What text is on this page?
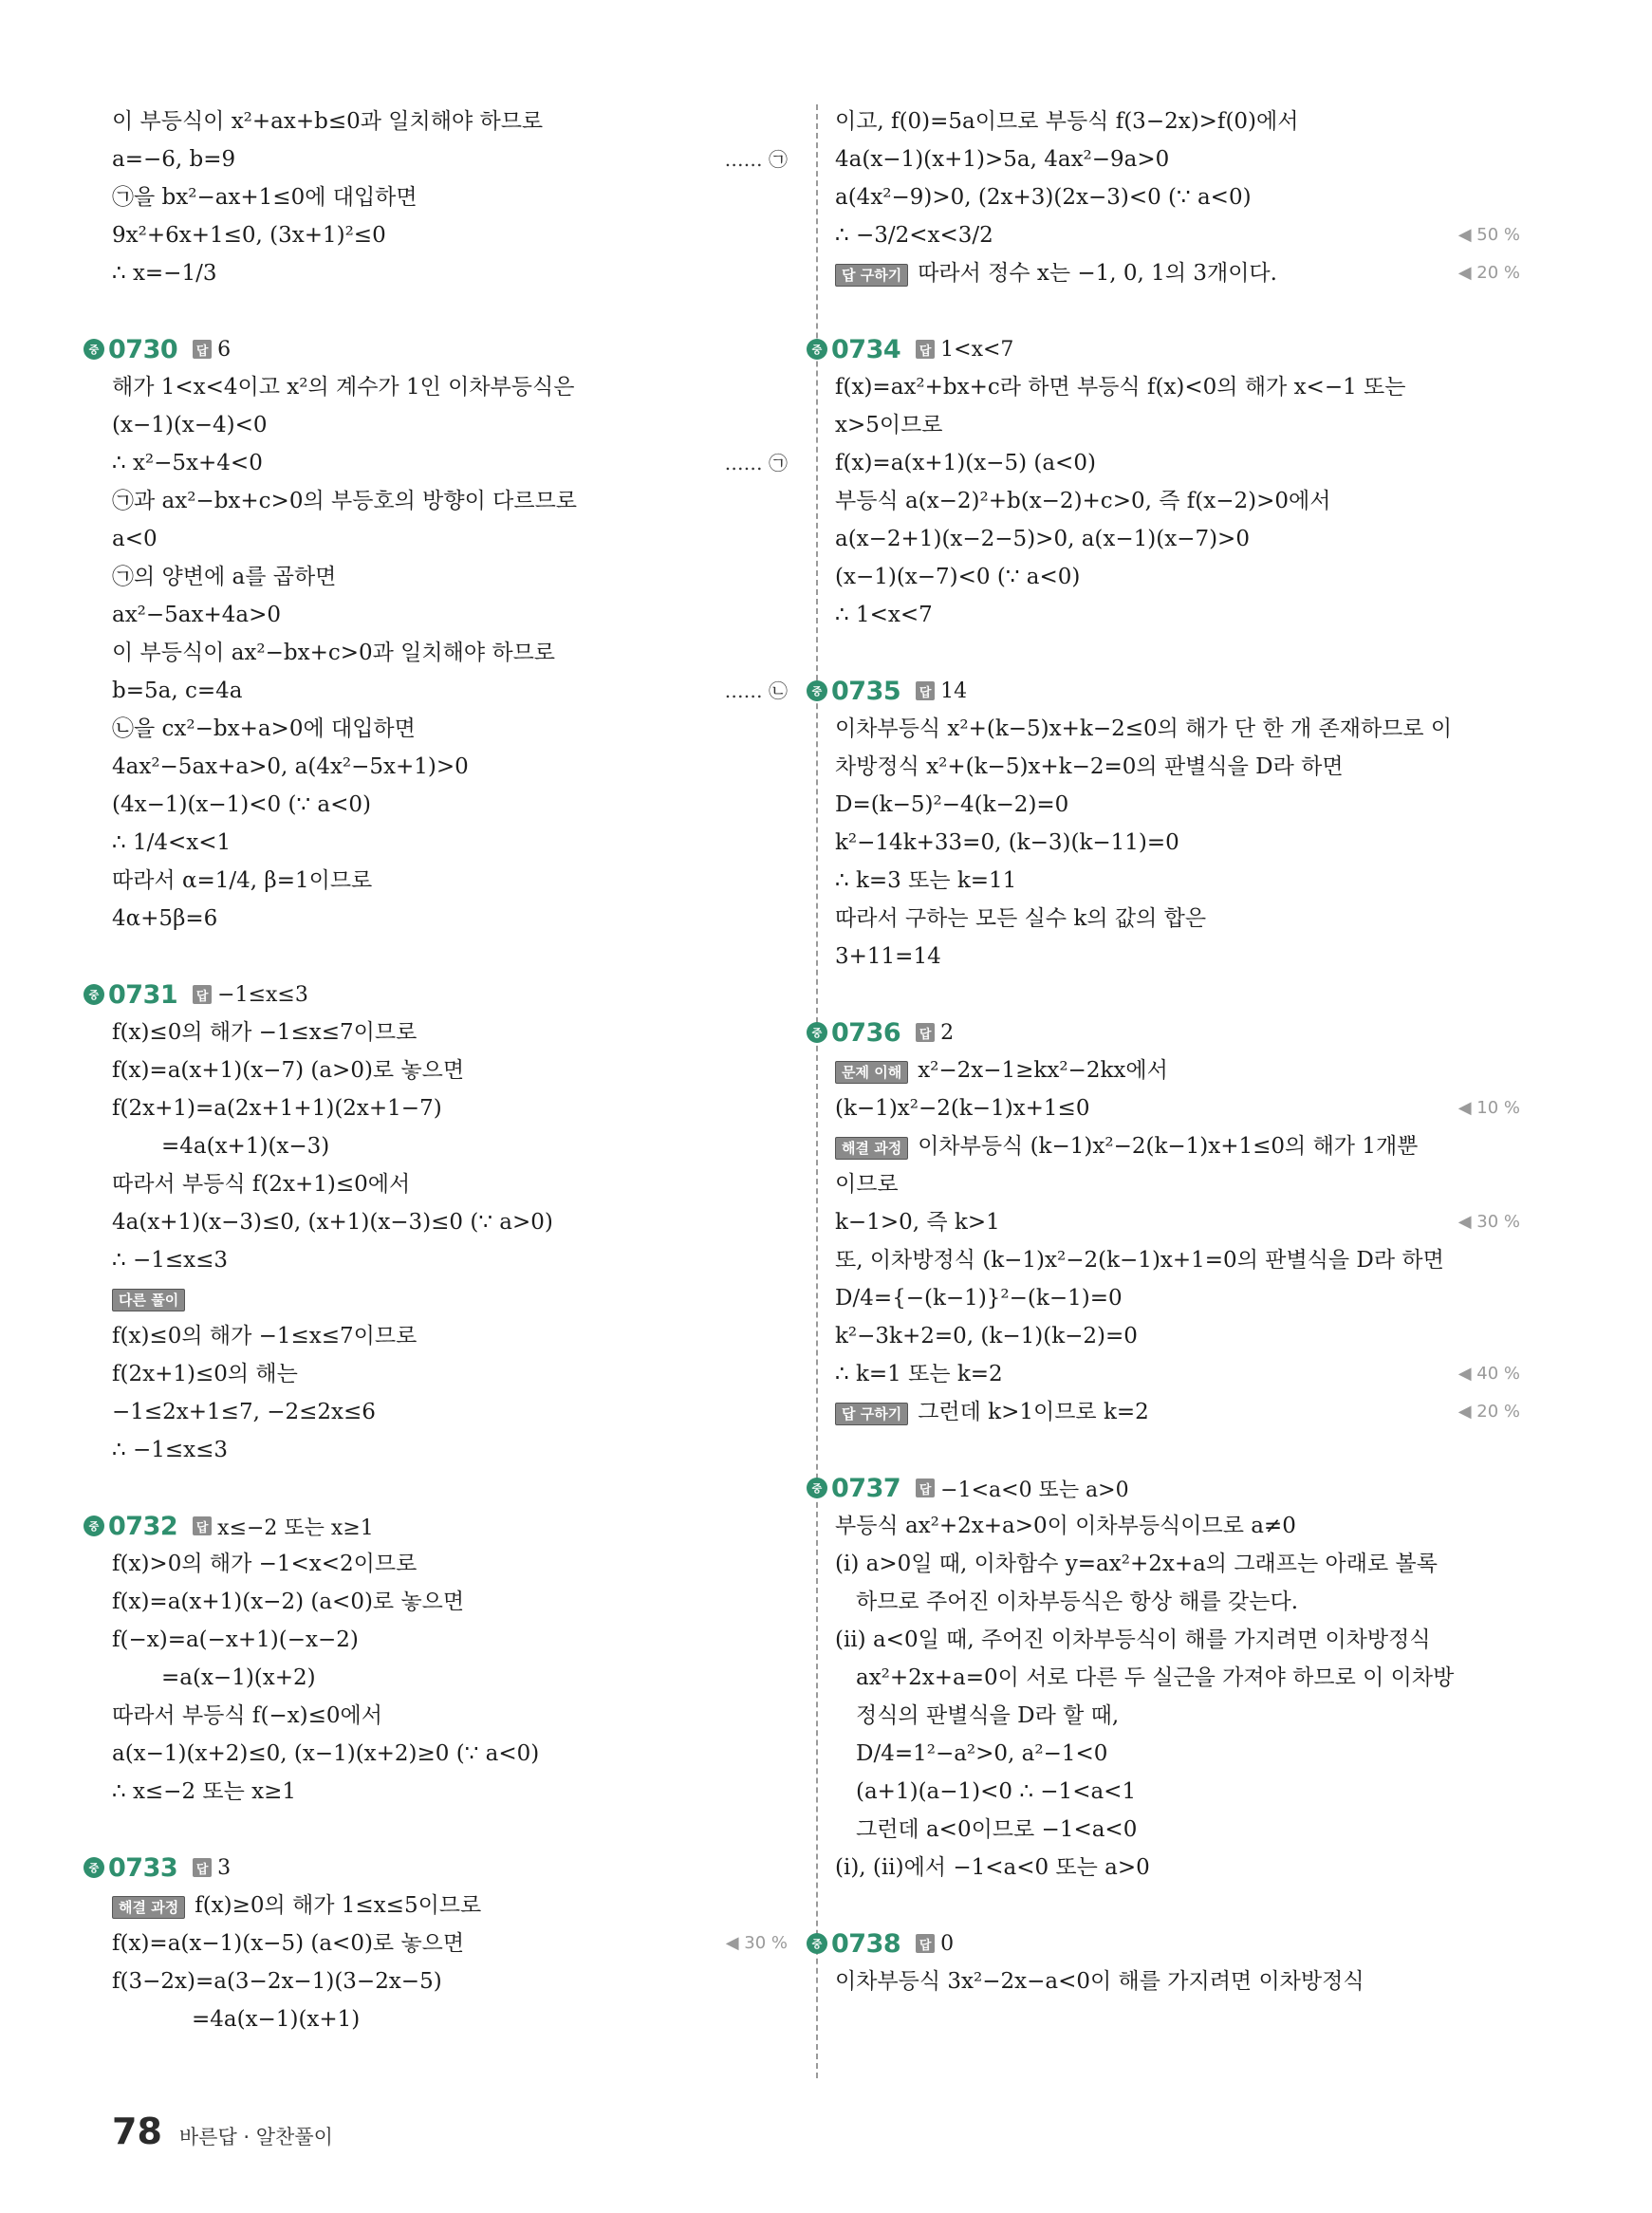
이 부등식이 x²+ax+b≤0과 일치해야 하므로
a=−6, b=9	…… ㉠
㉠을 bx²−ax+1≤0에 대입하면
9x²+6x+1≤0, (3x+1)²≤0
∴ x=−1/3
중 0730 답 6
해가 1<x<4이고 x²의 계수가 1인 이차부등식은
(x−1)(x−4)<0
∴ x²−5x+4<0	…… ㉠
㉠과 ax²−bx+c>0의 부등호의 방향이 다르므로
a<0
㉠의 양변에 a를 곱하면
ax²−5ax+4a>0
이 부등식이 ax²−bx+c>0과 일치해야 하므로
b=5a, c=4a	…… ㉡
㉡을 cx²−bx+a>0에 대입하면
4ax²−5ax+a>0, a(4x²−5x+1)>0
(4x−1)(x−1)<0 (∵ a<0)
∴ 1/4<x<1
따라서 α=1/4, β=1이므로
4α+5β=6
중 0731 답 −1≤x≤3
f(x)≤0의 해가 −1≤x≤7이므로
f(x)=a(x+1)(x−7) (a>0)로 놓으면
f(2x+1)=a(2x+1+1)(2x+1−7)
=4a(x+1)(x−3)
따라서 부등식 f(2x+1)≤0에서
4a(x+1)(x−3)≤0, (x+1)(x−3)≤0 (∵ a>0)
∴ −1≤x≤3
다른 풀이
f(x)≤0의 해가 −1≤x≤7이므로
f(2x+1)≤0의 해는
−1≤2x+1≤7, −2≤2x≤6
∴ −1≤x≤3
중 0732 답 x≤−2 또는 x≥1
f(x)>0의 해가 −1<x<2이므로
f(x)=a(x+1)(x−2) (a<0)로 놓으면
f(−x)=a(−x+1)(−x−2)
=a(x−1)(x+2)
따라서 부등식 f(−x)≤0에서
a(x−1)(x+2)≤0, (x−1)(x+2)≥0 (∵ a<0)
∴ x≤−2 또는 x≥1
중 0733 답 3
해결 과정 f(x)≥0의 해가 1≤x≤5이므로
f(x)=a(x−1)(x−5) (a<0)로 놓으면	◀ 30 %
f(3−2x)=a(3−2x−1)(3−2x−5)
=4a(x−1)(x+1)
이고, f(0)=5a이므로 부등식 f(3−2x)>f(0)에서
4a(x−1)(x+1)>5a, 4ax²−9a>0
a(4x²−9)>0, (2x+3)(2x−3)<0 (∵ a<0)
∴ −3/2<x<3/2	◀ 50 %
답 구하기 따라서 정수 x는 −1, 0, 1의 3개이다.	◀ 20 %
중 0734 답 1<x<7
f(x)=ax²+bx+c라 하면 부등식 f(x)<0의 해가 x<−1 또는
x>5이므로
f(x)=a(x+1)(x−5) (a<0)
부등식 a(x−2)²+b(x−2)+c>0, 즉 f(x−2)>0에서
a(x−2+1)(x−2−5)>0, a(x−1)(x−7)>0
(x−1)(x−7)<0 (∵ a<0)
∴ 1<x<7
중 0735 답 14
이차부등식 x²+(k−5)x+k−2≤0의 해가 단 한 개 존재하므로 이
차방정식 x²+(k−5)x+k−2=0의 판별식을 D라 하면
D=(k−5)²−4(k−2)=0
k²−14k+33=0, (k−3)(k−11)=0
∴ k=3 또는 k=11
따라서 구하는 모든 실수 k의 값의 합은
3+11=14
중 0736 답 2
문제 이해 x²−2x−1≥kx²−2kx에서
(k−1)x²−2(k−1)x+1≤0	◀ 10 %
해결 과정 이차부등식 (k−1)x²−2(k−1)x+1≤0의 해가 1개뿐
이므로
k−1>0, 즉 k>1	◀ 30 %
또, 이차방정식 (k−1)x²−2(k−1)x+1=0의 판별식을 D라 하면
D/4={−(k−1)}²−(k−1)=0
k²−3k+2=0, (k−1)(k−2)=0
∴ k=1 또는 k=2	◀ 40 %
답 구하기 그런데 k>1이므로 k=2	◀ 20 %
중 0737 답 −1<a<0 또는 a>0
부등식 ax²+2x+a>0이 이차부등식이므로 a≠0
(ⅰ) a>0일 때, 이차함수 y=ax²+2x+a의 그래프는 아래로 볼록
하므로 주어진 이차부등식은 항상 해를 갖는다.
(ⅱ) a<0일 때, 주어진 이차부등식이 해를 가지려면 이차방정식
ax²+2x+a=0이 서로 다른 두 실근을 가져야 하므로 이 이차방
정식의 판별식을 D라 할 때,
D/4=1²−a²>0, a²−1<0
(a+1)(a−1)<0 ∴ −1<a<1
그런데 a<0이므로 −1<a<0
(ⅰ), (ⅱ)에서 −1<a<0 또는 a>0
중 0738 답 0
이차부등식 3x²−2x−a<0이 해를 가지려면 이차방정식
78 바른답 · 알찬풀이
